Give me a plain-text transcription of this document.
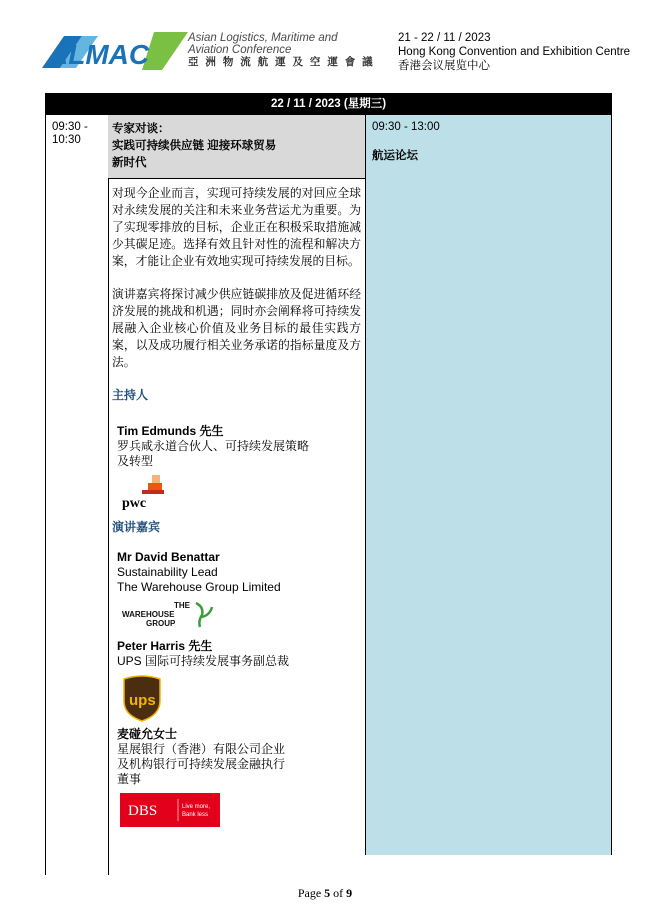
ALMAC
Asian Logistics, Maritime and
Aviation Conference
亞 洲 物 流 航 運 及 空 運 會 議
21 - 22 / 11 / 2023
Hong Kong Convention and Exhibition Centre
香港会议展览中心
22 / 11 / 2023 (星期三)
09:30 -
10:30
专家对谈：
实践可持续供应链 迎接环球贸易
新时代

对现今企业而言，实现可持续发展的对回应全球对永续发展的关注和未来业务营运尤为重要。为了实现零排放的目标，企业正在积极采取措施减少其碳足迹。选择有效且针对性的流程和解决方案，才能让企业有效地实现可持续发展的目标。

演讲嘉宾将探讨减少供应链碳排放及促进循环经济发展的挑战和机遇；同时亦会阐释将可持续发展融入企业核心价值及业务目标的最佳实践方案，以及成功履行相关业务承诺的指标量度及方法。

主持人
Tim Edmunds 先生
罗兵咸永道合伙人、可持续发展策略
及转型
pwc
演讲嘉宾
Mr David Benattar
Sustainability Lead
The Warehouse Group Limited
THE
WAREHOUSE
GROUP
Peter Harris 先生
UPS 国际可持续发展事务副总裁
ups
麦碰允女士
星展银行（香港）有限公司企业
及机构银行可持续发展金融执行
董事
DBS	Live more,
Bank less
09:30 - 13:00
航运论坛
Page 5 of 9
